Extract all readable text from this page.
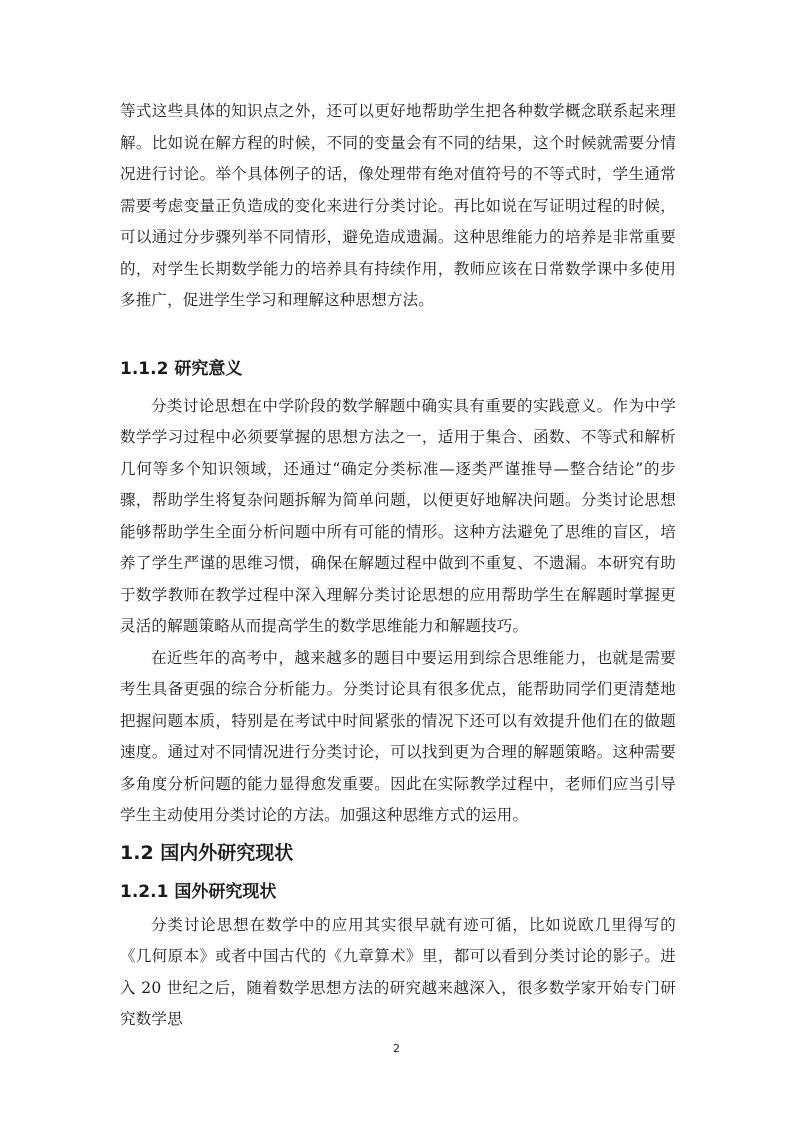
等式这些具体的知识点之外，还可以更好地帮助学生把各种数学概念联系起来理解。比如说在解方程的时候，不同的变量会有不同的结果，这个时候就需要分情况进行讨论。举个具体例子的话，像处理带有绝对值符号的不等式时，学生通常需要考虑变量正负造成的变化来进行分类讨论。再比如说在写证明过程的时候，可以通过分步骤列举不同情形，避免造成遗漏。这种思维能力的培养是非常重要的，对学生长期数学能力的培养具有持续作用，教师应该在日常数学课中多使用多推广，促进学生学习和理解这种思想方法。

1.1.2 研究意义

分类讨论思想在中学阶段的数学解题中确实具有重要的实践意义。作为中学数学学习过程中必须要掌握的思想方法之一，适用于集合、函数、不等式和解析几何等多个知识领域，还通过“确定分类标准—逐类严谨推导—整合结论”的步骤，帮助学生将复杂问题拆解为简单问题，以便更好地解决问题。分类讨论思想能够帮助学生全面分析问题中所有可能的情形。这种方法避免了思维的盲区，培养了学生严谨的思维习惯，确保在解题过程中做到不重复、不遗漏。本研究有助于数学教师在教学过程中深入理解分类讨论思想的应用帮助学生在解题时掌握更灵活的解题策略从而提高学生的数学思维能力和解题技巧。

在近些年的高考中，越来越多的题目中要运用到综合思维能力，也就是需要考生具备更强的综合分析能力。分类讨论具有很多优点，能帮助同学们更清楚地把握问题本质，特别是在考试中时间紧张的情况下还可以有效提升他们在的做题速度。通过对不同情况进行分类讨论，可以找到更为合理的解题策略。这种需要多角度分析问题的能力显得愈发重要。因此在实际教学过程中，老师们应当引导学生主动使用分类讨论的方法。加强这种思维方式的运用。

1.2 国内外研究现状
1.2.1 国外研究现状

分类讨论思想在数学中的应用其实很早就有迹可循，比如说欧几里得写的《几何原本》或者中国古代的《九章算术》里，都可以看到分类讨论的影子。进入 20 世纪之后，随着数学思想方法的研究越来越深入，很多数学家开始专门研究数学思

2
